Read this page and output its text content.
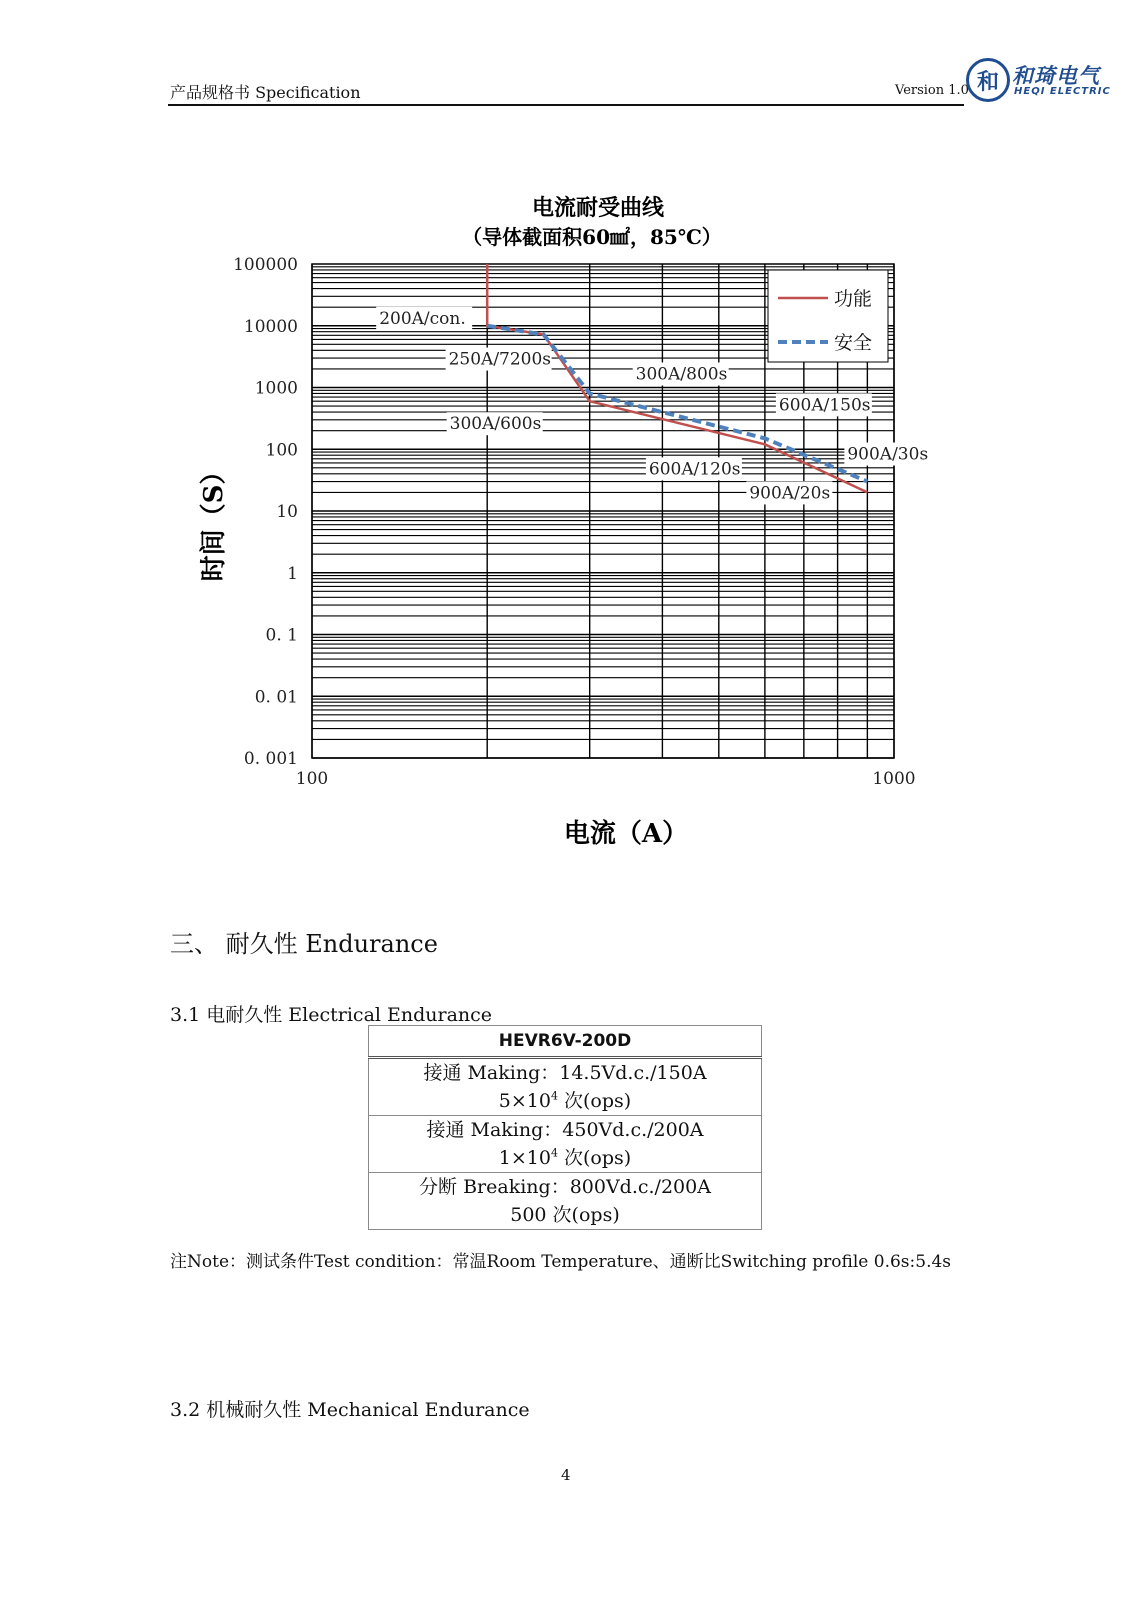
产品规格书 Specification	Version 1.0 和 和琦电气
HEQI ELECTRIC
200A/con.
250A/7200s
300A/800s
300A/600s
600A/150s
600A/120s
900A/30s
900A/20s
功能
安全
100000
10000
1000
100
10
1
0. 1
0. 01
0. 001
100	1000
电流耐受曲线
（导体截面积60㎟，85℃）
电流（A）
时间（S）
三、 耐久性 Endurance
3.1 电耐久性 Electrical Endurance
HEVR6V-200D

接通 Making：14.5Vd.c./150A
$5\times 10^4$ 次(ops)

接通 Making：450Vd.c./200A
$1\times 10^4$ 次(ops)

分断 Breaking：800Vd.c./200A
500 次(ops)
注Note：测试条件Test condition：常温Room Temperature、通断比Switching profile 0.6s:5.4s
3.2 机械耐久性 Mechanical Endurance
4
